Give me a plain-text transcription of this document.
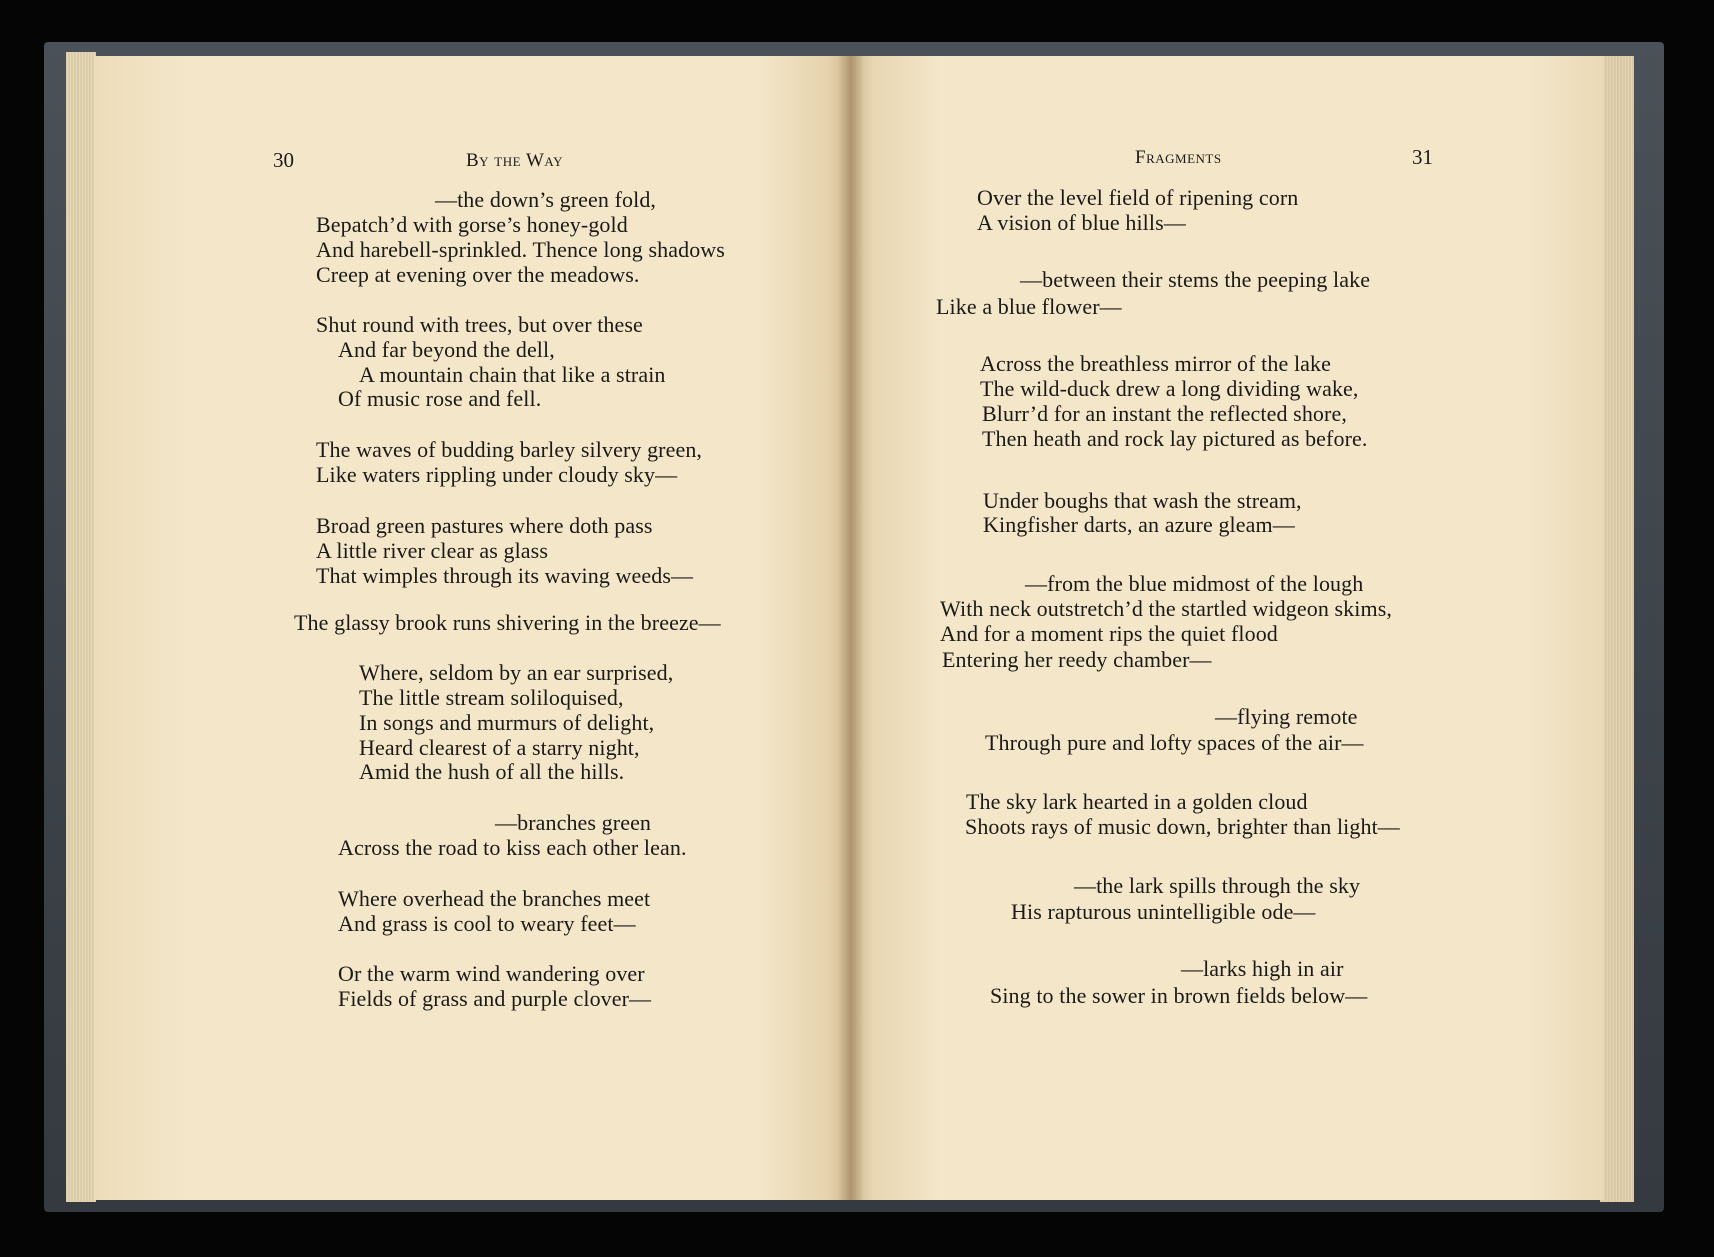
30	By the Way
—the down’s green fold,
Bepatch’d with gorse’s honey-gold
And harebell-sprinkled. Thence long shadows
Creep at evening over the meadows.
Shut round with trees, but over these
And far beyond the dell,
A mountain chain that like a strain
Of music rose and fell.
The waves of budding barley silvery green,
Like waters rippling under cloudy sky—
Broad green pastures where doth pass
A little river clear as glass
That wimples through its waving weeds—
The glassy brook runs shivering in the breeze—
Where, seldom by an ear surprised,
The little stream soliloquised,
In songs and murmurs of delight,
Heard clearest of a starry night,
Amid the hush of all the hills.
—branches green
Across the road to kiss each other lean.
Where overhead the branches meet
And grass is cool to weary feet—
Or the warm wind wandering over
Fields of grass and purple clover—
Fragments	31
Over the level field of ripening corn
A vision of blue hills—
—between their stems the peeping lake
Like a blue flower—
Across the breathless mirror of the lake
The wild-duck drew a long dividing wake,
Blurr’d for an instant the reflected shore,
Then heath and rock lay pictured as before.
Under boughs that wash the stream,
Kingfisher darts, an azure gleam—
—from the blue midmost of the lough
With neck outstretch’d the startled widgeon skims,
And for a moment rips the quiet flood
Entering her reedy chamber—
—flying remote
Through pure and lofty spaces of the air—
The sky lark hearted in a golden cloud
Shoots rays of music down, brighter than light—
—the lark spills through the sky
His rapturous unintelligible ode—
—larks high in air
Sing to the sower in brown fields below—
